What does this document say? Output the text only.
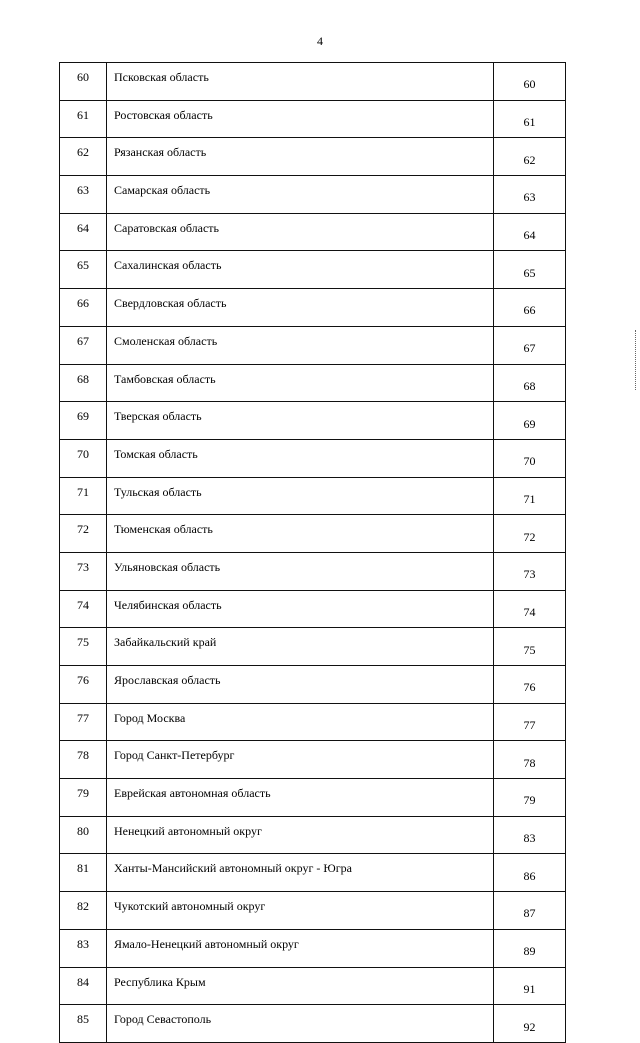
4
60	Псковская область	60
61	Ростовская область	61
62	Рязанская область	62
63	Самарская область	63
64	Саратовская область	64
65	Сахалинская область	65
66	Свердловская область	66
67	Смоленская область	67
68	Тамбовская область	68
69	Тверская область	69
70	Томская область	70
71	Тульская область	71
72	Тюменская область	72
73	Ульяновская область	73
74	Челябинская область	74
75	Забайкальский край	75
76	Ярославская область	76
77	Город Москва	77
78	Город Санкт-Петербург	78
79	Еврейская автономная область	79
80	Ненецкий автономный округ	83
81	Ханты-Мансийский автономный округ - Югра	86
82	Чукотский автономный округ	87
83	Ямало-Ненецкий автономный округ	89
84	Республика Крым	91
85	Город Севастополь	92
